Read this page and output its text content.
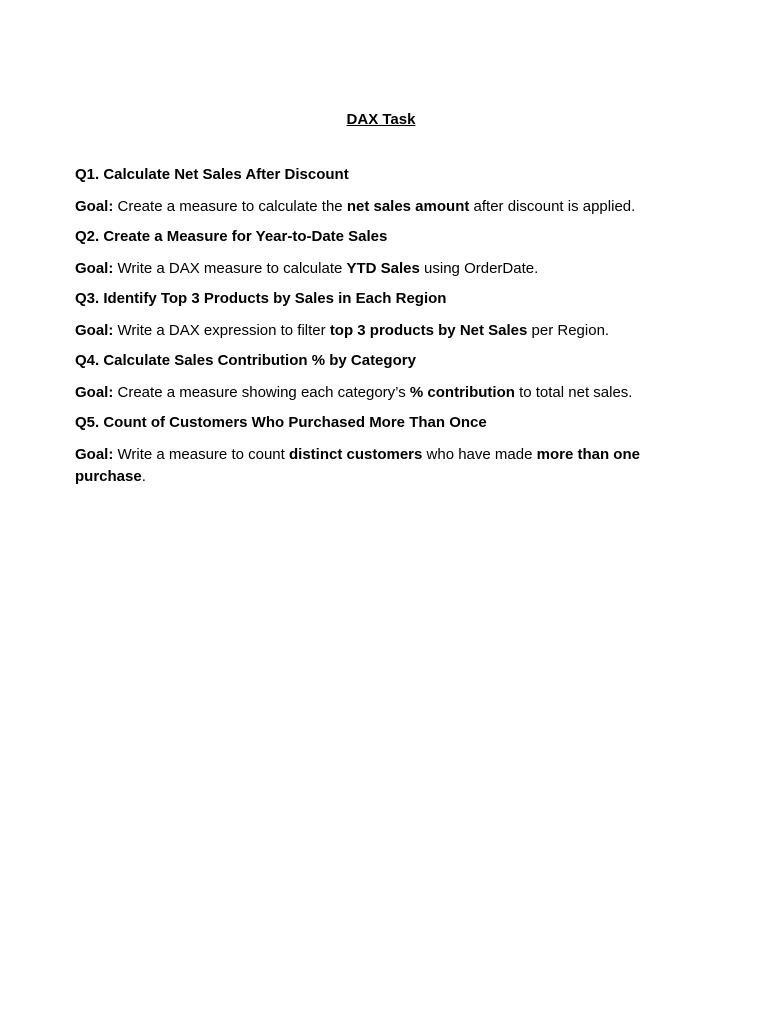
DAX Task

Q1. Calculate Net Sales After Discount

Goal: Create a measure to calculate the net sales amount after discount is applied.

Q2. Create a Measure for Year-to-Date Sales

Goal: Write a DAX measure to calculate YTD Sales using OrderDate.

Q3. Identify Top 3 Products by Sales in Each Region

Goal: Write a DAX expression to filter top 3 products by Net Sales per Region.

Q4. Calculate Sales Contribution % by Category

Goal: Create a measure showing each category’s % contribution to total net sales.

Q5. Count of Customers Who Purchased More Than Once

Goal: Write a measure to count distinct customers who have made more than one purchase.
